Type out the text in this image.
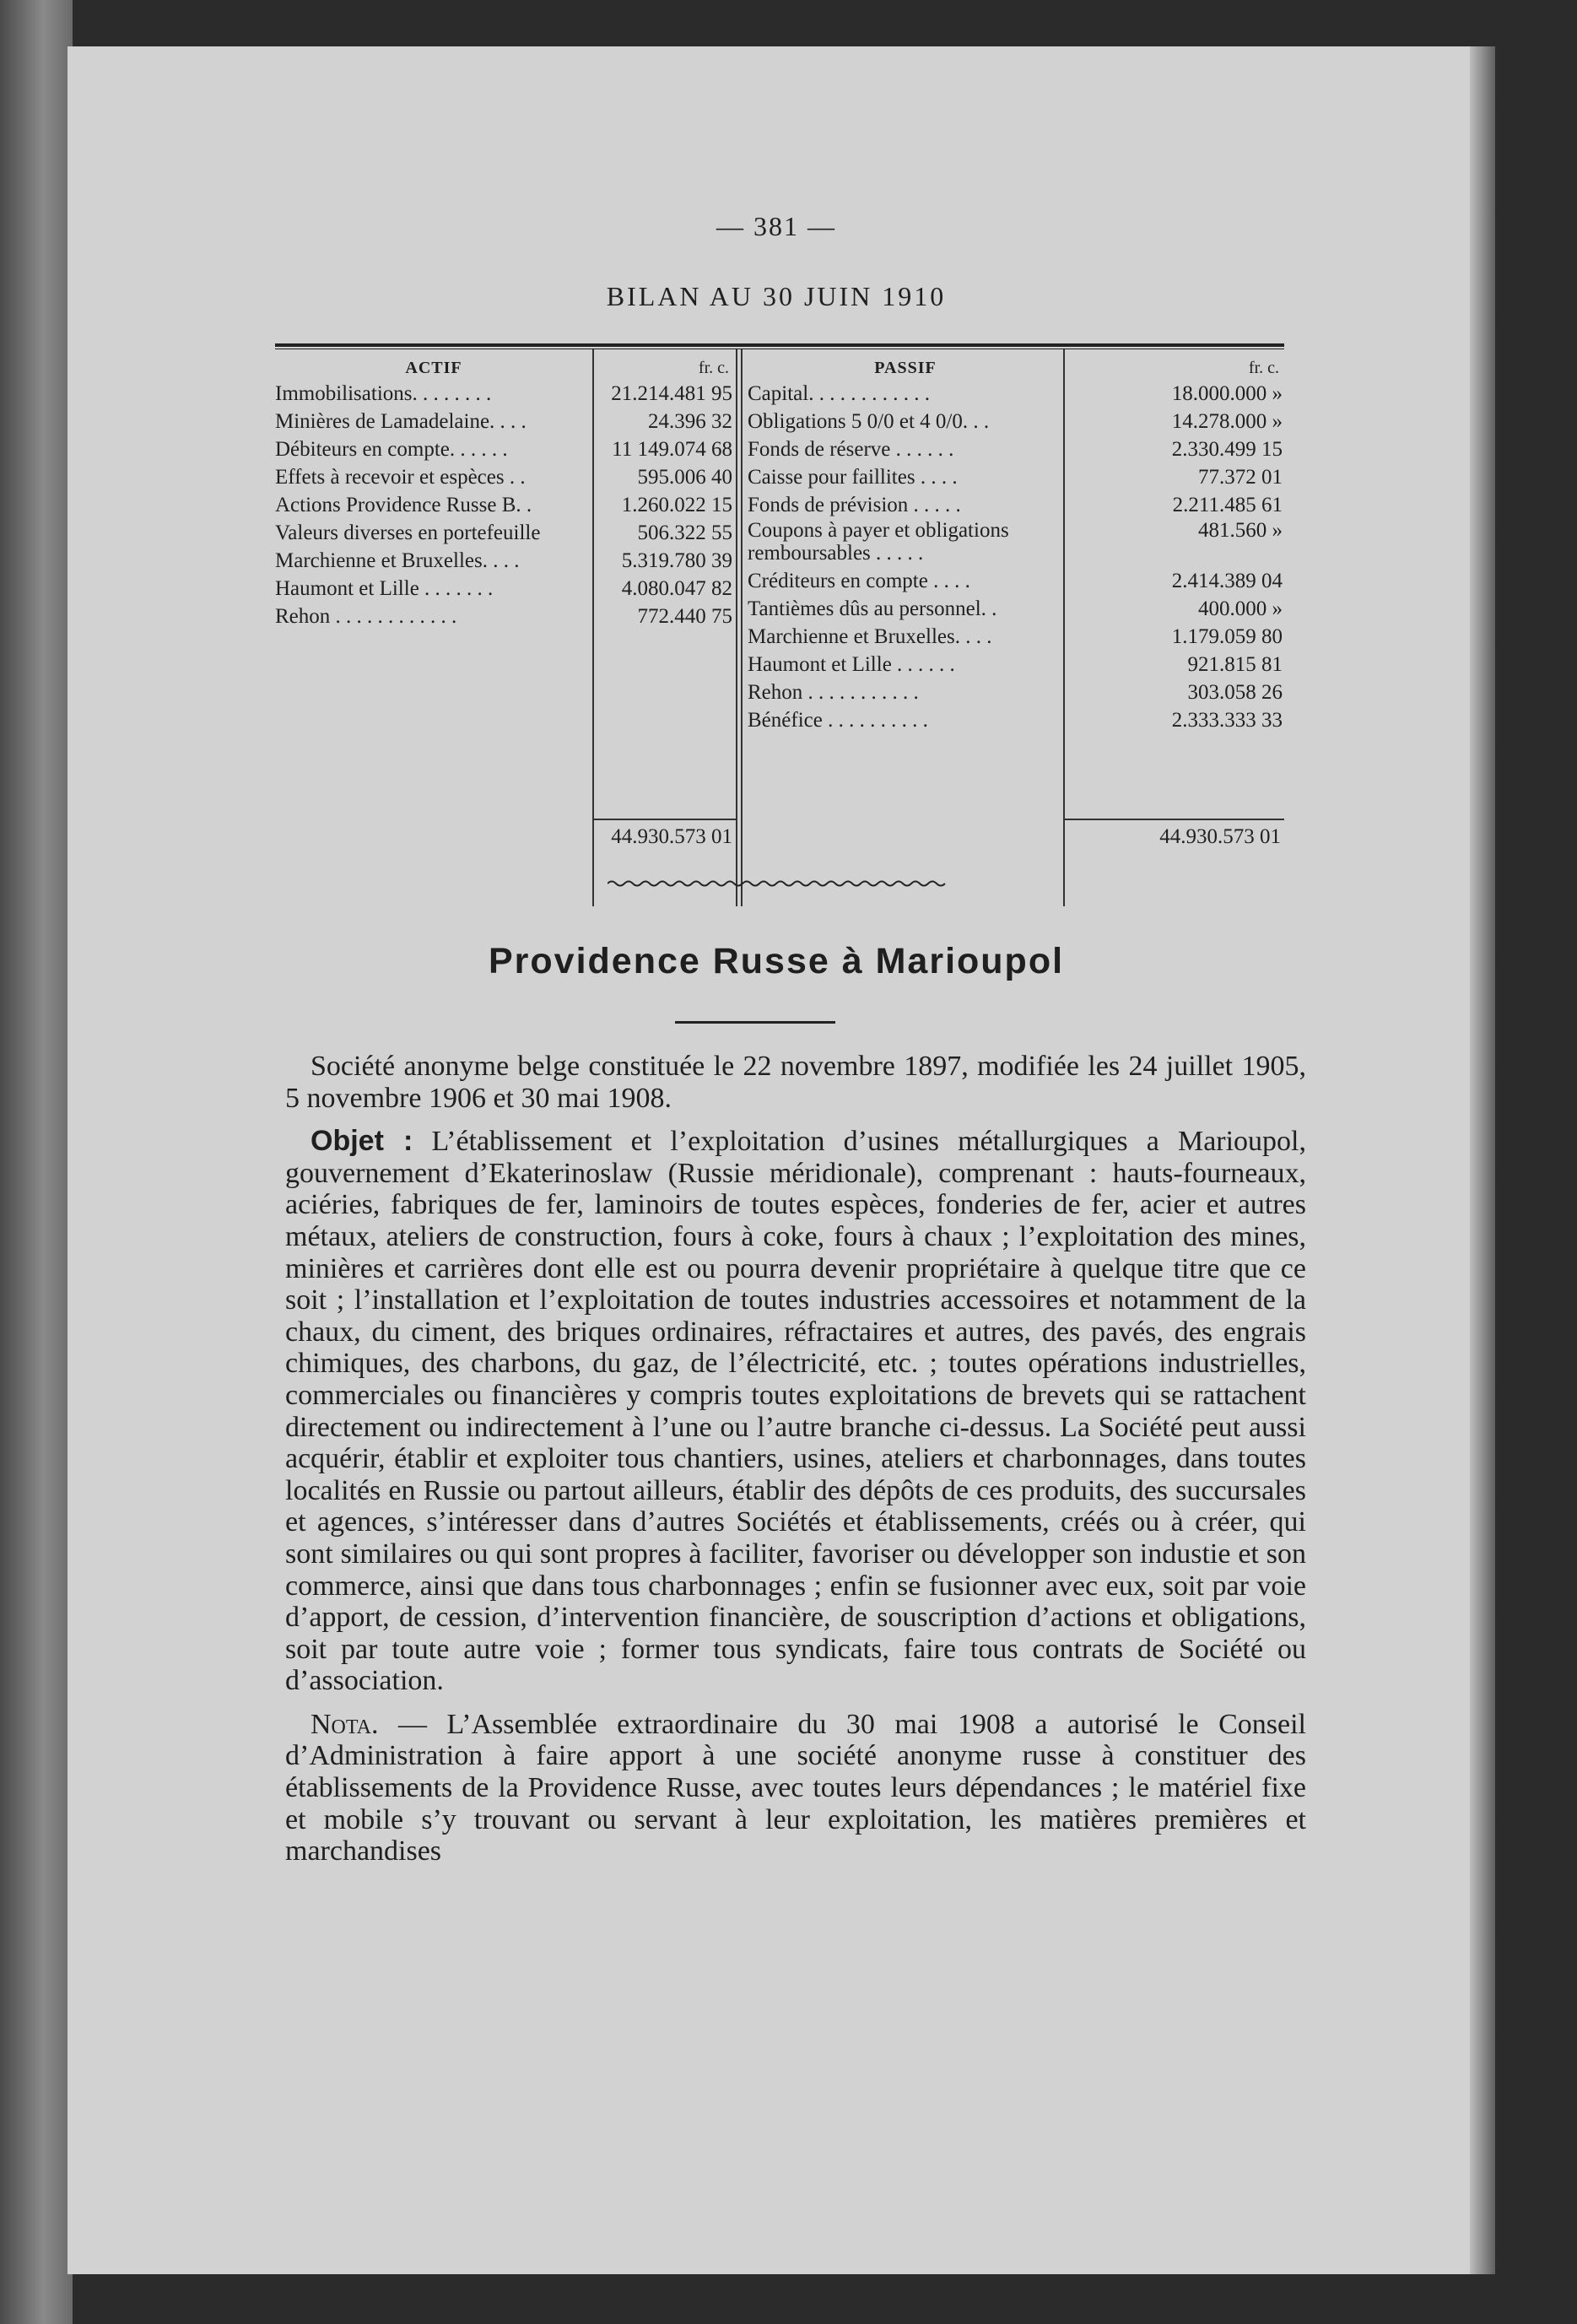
— 381 —
BILAN AU 30 JUIN 1910
ACTIF
Immobilisations. . . . . . . .
Minières de Lamadelaine. . . .
Débiteurs en compte. . . . . .
Effets à recevoir et espèces . .
Actions Providence Russe B. .
Valeurs diverses en portefeuille
Marchienne et Bruxelles. . . .
Haumont et Lille . . . . . . .
Rehon . . . . . . . . . . . .
fr. c.
21.214.481 95
24.396 32
11 149.074 68
595.006 40
1.260.022 15
506.322 55
5.319.780 39
4.080.047 82
772.440 75
44.930.573 01
PASSIF
Capital. . . . . . . . . . . .
Obligations 5 0/0 et 4 0/0. . .
Fonds de réserve . . . . . .
Caisse pour faillites . . . .
Fonds de prévision . . . . .
Coupons à payer et obligations remboursables . . . . .
Créditeurs en compte . . . .
Tantièmes dûs au personnel. .
Marchienne et Bruxelles. . . .
Haumont et Lille . . . . . .
Rehon . . . . . . . . . . .
Bénéfice . . . . . . . . . .
fr. c.
18.000.000 »
14.278.000 »
2.330.499 15
77.372 01
2.211.485 61
481.560 »
2.414.389 04
400.000 »
1.179.059 80
921.815 81
303.058 26
2.333.333 33
44.930.573 01
Providence Russe à Marioupol

Société anonyme belge constituée le 22 novembre 1897, modifiée les 24 juillet 1905, 5 novembre 1906 et 30 mai 1908.

Objet : L’établissement et l’exploitation d’usines métallurgiques a Marioupol, gouvernement d’Ekaterinoslaw (Russie méridionale), comprenant : hauts-fourneaux, aciéries, fabriques de fer, laminoirs de toutes espèces, fonderies de fer, acier et autres métaux, ateliers de construction, fours à coke, fours à chaux ; l’exploitation des mines, minières et carrières dont elle est ou pourra devenir propriétaire à quelque titre que ce soit ; l’installation et l’exploitation de toutes industries accessoires et notamment de la chaux, du ciment, des briques ordinaires, réfractaires et autres, des pavés, des engrais chimiques, des charbons, du gaz, de l’électricité, etc. ; toutes opérations industrielles, commerciales ou financières y compris toutes exploitations de brevets qui se rattachent directement ou indirectement à l’une ou l’autre branche ci-dessus. La Société peut aussi acquérir, établir et exploiter tous chantiers, usines, ateliers et charbonnages, dans toutes localités en Russie ou partout ailleurs, établir des dépôts de ces produits, des succursales et agences, s’intéresser dans d’autres Sociétés et établissements, créés ou à créer, qui sont similaires ou qui sont propres à faciliter, favoriser ou développer son industie et son commerce, ainsi que dans tous charbonnages ; enfin se fusionner avec eux, soit par voie d’apport, de cession, d’intervention financière, de souscription d’actions et obligations, soit par toute autre voie ; former tous syndicats, faire tous contrats de Société ou d’association.

Nota. — L’Assemblée extraordinaire du 30 mai 1908 a autorisé le Conseil d’Administration à faire apport à une société anonyme russe à constituer des établissements de la Providence Russe, avec toutes leurs dépendances ; le matériel fixe et mobile s’y trouvant ou servant à leur exploitation, les matières premières et marchandises
